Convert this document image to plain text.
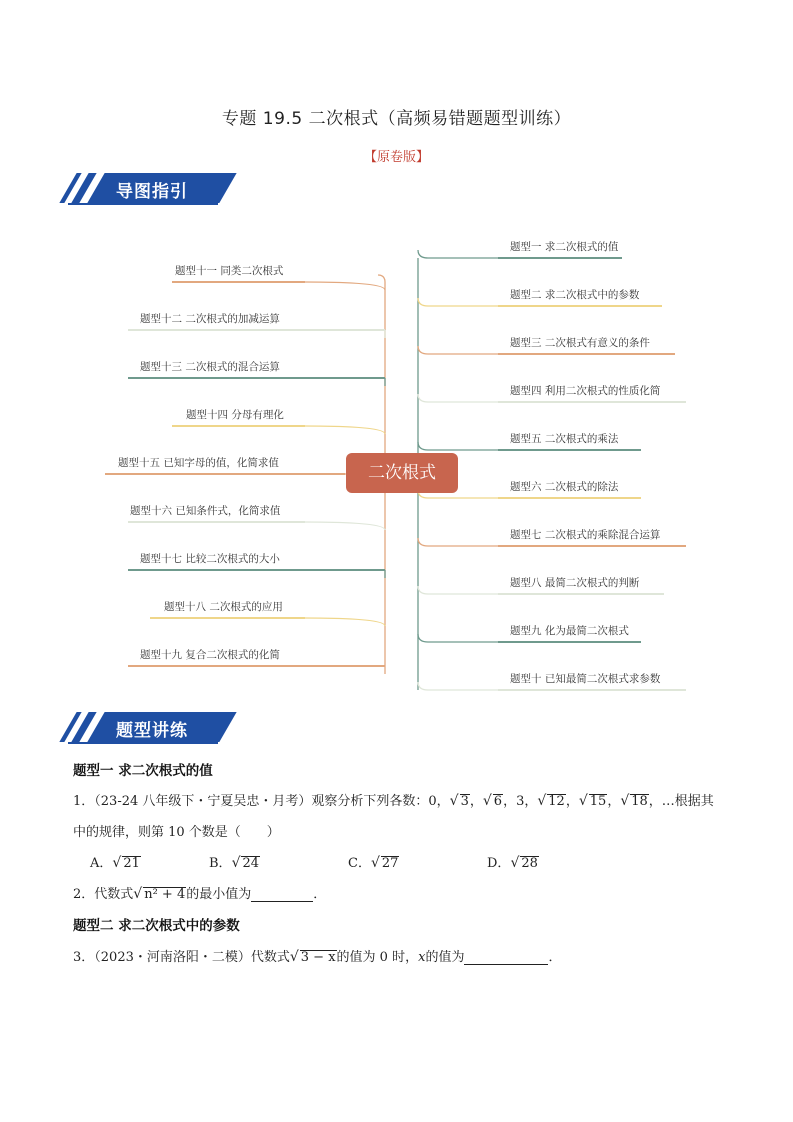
专题 19.5 二次根式（高频易错题题型训练）
【原卷版】
导图指引
二次根式
题型十一 同类二次根式
题型十二 二次根式的加减运算
题型十三 二次根式的混合运算
题型十四 分母有理化
题型十五 已知字母的值，化简求值
题型十六 已知条件式，化简求值
题型十七 比较二次根式的大小
题型十八 二次根式的应用
题型十九 复合二次根式的化简
题型一 求二次根式的值
题型二 求二次根式中的参数
题型三 二次根式有意义的条件
题型四 利用二次根式的性质化简
题型五 二次根式的乘法
题型六 二次根式的除法
题型七 二次根式的乘除混合运算
题型八 最简二次根式的判断
题型九 化为最简二次根式
题型十 已知最简二次根式求参数
题型讲练
题型一 求二次根式的值
1．（23-24 八年级下・宁夏吴忠・月考）观察分析下列各数：0，√ 3，√ 6，3，√ 12，√ 15，√ 18，…根据其
中的规律，则第 10 个数是（　　）
A．√ 21	B．√ 24	C．√ 27	D．√ 28
2．代数式√ n² + 4的最小值为	．
题型二 求二次根式中的参数
3．（2023・河南洛阳・二模）代数式√ 3 − x的值为 0 时，x的值为	．
